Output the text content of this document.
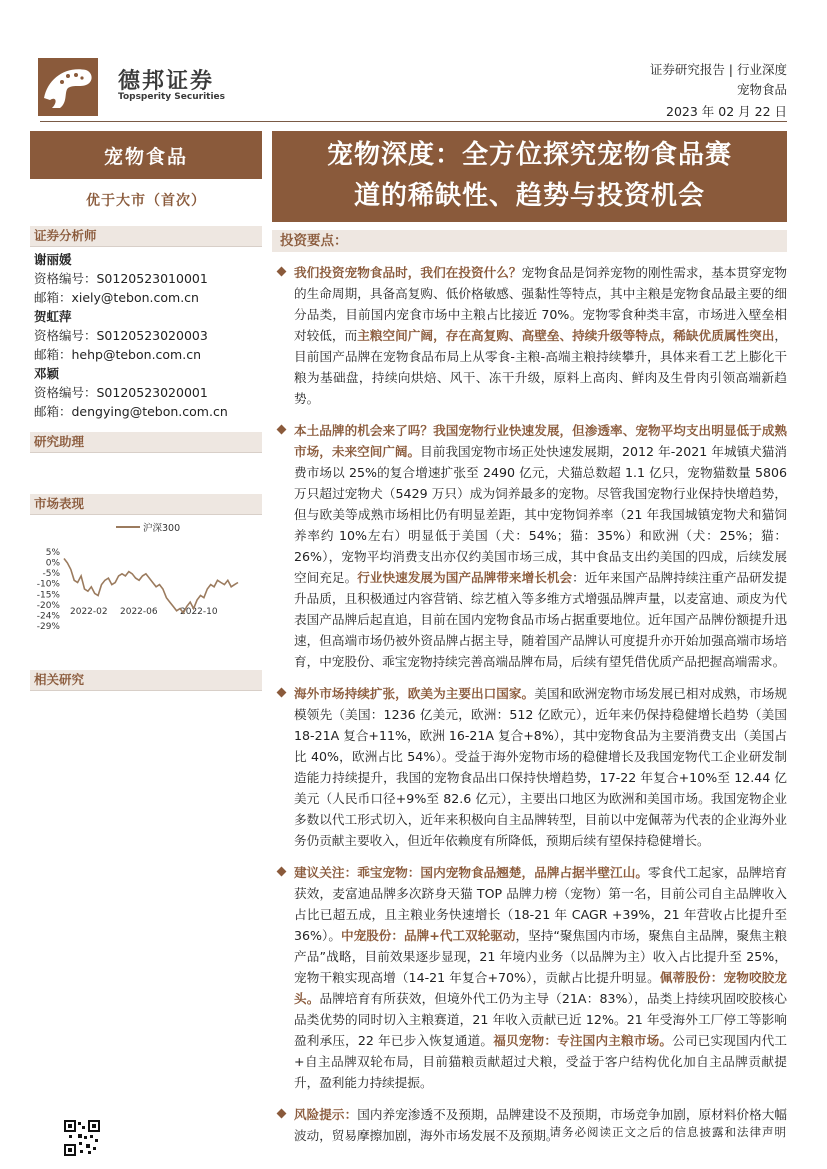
德邦证券
Topsperity Securities
证券研究报告 | 行业深度
宠物食品
2023 年 02 月 22 日
宠物食品
优于大市（首次）
证券分析师
谢丽媛
资格编号：S0120523010001
邮箱：xiely@tebon.com.cn
贺虹萍
资格编号：S0120523020003
邮箱：hehp@tebon.com.cn
邓颖
资格编号：S0120523020001
邮箱：dengying@tebon.com.cn
研究助理
市场表现
5%
0%
-5%
-10%
-15%
-20%
-24%
-29%
2022-02 2022-06 2022-10
沪深300
相关研究
宠物深度：全方位探究宠物食品赛
道的稀缺性、趋势与投资机会
投资要点：

我们投资宠物食品时，我们在投资什么？宠物食品是饲养宠物的刚性需求，基本贯穿宠物的生命周期，具备高复购、低价格敏感、强黏性等特点，其中主粮是宠物食品最主要的细分品类，目前国内宠食市场中主粮占比接近 70%。宠物零食种类丰富，市场进入壁垒相对较低，而主粮空间广阔，存在高复购、高壁垒、持续升级等特点，稀缺优质属性突出，目前国产品牌在宠物食品布局上从零食-主粮-高端主粮持续攀升，具体来看工艺上膨化干粮为基础盘，持续向烘焙、风干、冻干升级，原料上高肉、鲜肉及生骨肉引领高端新趋势。

本土品牌的机会来了吗？我国宠物行业快速发展，但渗透率、宠物平均支出明显低于成熟市场，未来空间广阔。目前我国宠物市场正处快速发展期，2012 年-2021 年城镇犬猫消费市场以 25%的复合增速扩张至 2490 亿元，犬猫总数超 1.1 亿只，宠物猫数量 5806 万只超过宠物犬（5429 万只）成为饲养最多的宠物。尽管我国宠物行业保持快增趋势，但与欧美等成熟市场相比仍有明显差距，其中宠物饲养率（21 年我国城镇宠物犬和猫饲养率约 10%左右）明显低于美国（犬：54%；猫：35%）和欧洲（犬：25%；猫：26%），宠物平均消费支出亦仅约美国市场三成，其中食品支出约美国的四成，后续发展空间充足。行业快速发展为国产品牌带来增长机会：近年来国产品牌持续注重产品研发提升品质，且积极通过内容营销、综艺植入等多维方式增强品牌声量，以麦富迪、顽皮为代表国产品牌后起直追，目前在国内宠物食品市场占据重要地位。近年国产品牌份额提升迅速，但高端市场仍被外资品牌占据主导，随着国产品牌认可度提升亦开始加强高端市场培育，中宠股份、乖宝宠物持续完善高端品牌布局，后续有望凭借优质产品把握高端需求。

海外市场持续扩张，欧美为主要出口国家。美国和欧洲宠物市场发展已相对成熟，市场规模领先（美国：1236 亿美元，欧洲：512 亿欧元），近年来仍保持稳健增长趋势（美国 18-21A 复合+11%，欧洲 16-21A 复合+8%），其中宠物食品为主要消费支出（美国占比 40%，欧洲占比 54%）。受益于海外宠物市场的稳健增长及我国宠物代工企业研发制造能力持续提升，我国的宠物食品出口保持快增趋势，17-22 年复合+10%至 12.44 亿美元（人民币口径+9%至 82.6 亿元），主要出口地区为欧洲和美国市场。我国宠物企业多数以代工形式切入，近年来积极向自主品牌转型，目前以中宠佩蒂为代表的企业海外业务仍贡献主要收入，但近年依赖度有所降低，预期后续有望保持稳健增长。

建议关注：乖宝宠物：国内宠物食品翘楚，品牌占据半壁江山。零食代工起家，品牌培育获效，麦富迪品牌多次跻身天猫 TOP 品牌力榜（宠物）第一名，目前公司自主品牌收入占比已超五成，且主粮业务快速增长（18-21 年 CAGR +39%，21 年营收占比提升至 36%）。中宠股份：品牌+代工双轮驱动，坚持“聚焦国内市场，聚焦自主品牌，聚焦主粮产品”战略，目前效果逐步显现，21 年境内业务（以品牌为主）收入占比提升至 25%，宠物干粮实现高增（14-21 年复合+70%），贡献占比提升明显。佩蒂股份：宠物咬胶龙头。品牌培育有所获效，但境外代工仍为主导（21A：83%），品类上持续巩固咬胶核心品类优势的同时切入主粮赛道，21 年收入贡献已近 12%。21 年受海外工厂停工等影响盈利承压，22 年已步入恢复通道。福贝宠物：专注国内主粮市场。公司已实现国内代工+自主品牌双轮布局，目前猫粮贡献超过犬粮，受益于客户结构优化加自主品牌贡献提升，盈利能力持续提振。

风险提示：国内养宠渗透不及预期，品牌建设不及预期，市场竞争加剧，原材料价格大幅波动，贸易摩擦加剧，海外市场发展不及预期。

请务必阅读正文之后的信息披露和法律声明
